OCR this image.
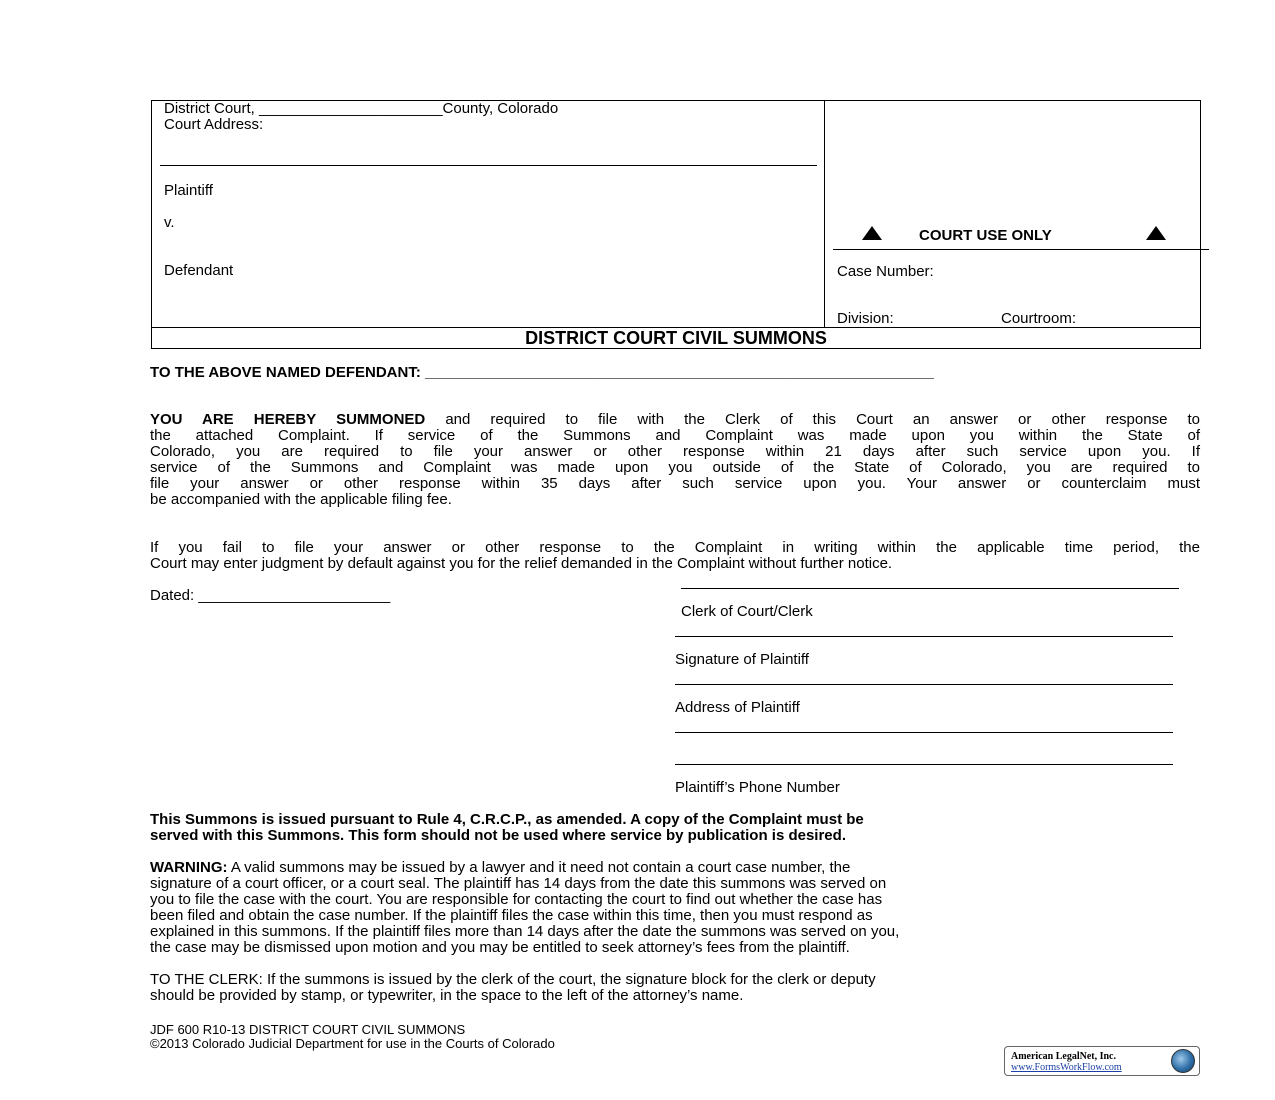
District Court, ______________________County, Colorado
Court Address:
Plaintiff
v.
Defendant
COURT USE ONLY
Case Number:
Division:	Courtroom:
DISTRICT COURT CIVIL SUMMONS
TO THE ABOVE NAMED DEFENDANT: _____________________________________________________________

YOU ARE HEREBY SUMMONED and required to file with the Clerk of this Court an answer or other response to

the attached Complaint. If service of the Summons and Complaint was made upon you within the State of

Colorado, you are required to file your answer or other response within 21 days after such service upon you. If

service of the Summons and Complaint was made upon you outside of the State of Colorado, you are required to

file your answer or other response within 35 days after such service upon you. Your answer or counterclaim must

be accompanied with the applicable filing fee.

If you fail to file your answer or other response to the Complaint in writing within the applicable time period, the

Court may enter judgment by default against you for the relief demanded in the Complaint without further notice.

Dated: _______________________
Clerk of Court/Clerk
Signature of Plaintiff
Address of Plaintiff
Plaintiff’s Phone Number
This Summons is issued pursuant to Rule 4, C.R.C.P., as amended. A copy of the Complaint must be
served with this Summons. This form should not be used where service by publication is desired.
WARNING: A valid summons may be issued by a lawyer and it need not contain a court case number, the
signature of a court officer, or a court seal. The plaintiff has 14 days from the date this summons was served on
you to file the case with the court. You are responsible for contacting the court to find out whether the case has
been filed and obtain the case number. If the plaintiff files the case within this time, then you must respond as
explained in this summons. If the plaintiff files more than 14 days after the date the summons was served on you,
the case may be dismissed upon motion and you may be entitled to seek attorney’s fees from the plaintiff.
TO THE CLERK: If the summons is issued by the clerk of the court, the signature block for the clerk or deputy
should be provided by stamp, or typewriter, in the space to the left of the attorney’s name.
JDF 600 R10-13 DISTRICT COURT CIVIL SUMMONS
©2013 Colorado Judicial Department for use in the Courts of Colorado
American LegalNet, Inc.
www.FormsWorkFlow.com
